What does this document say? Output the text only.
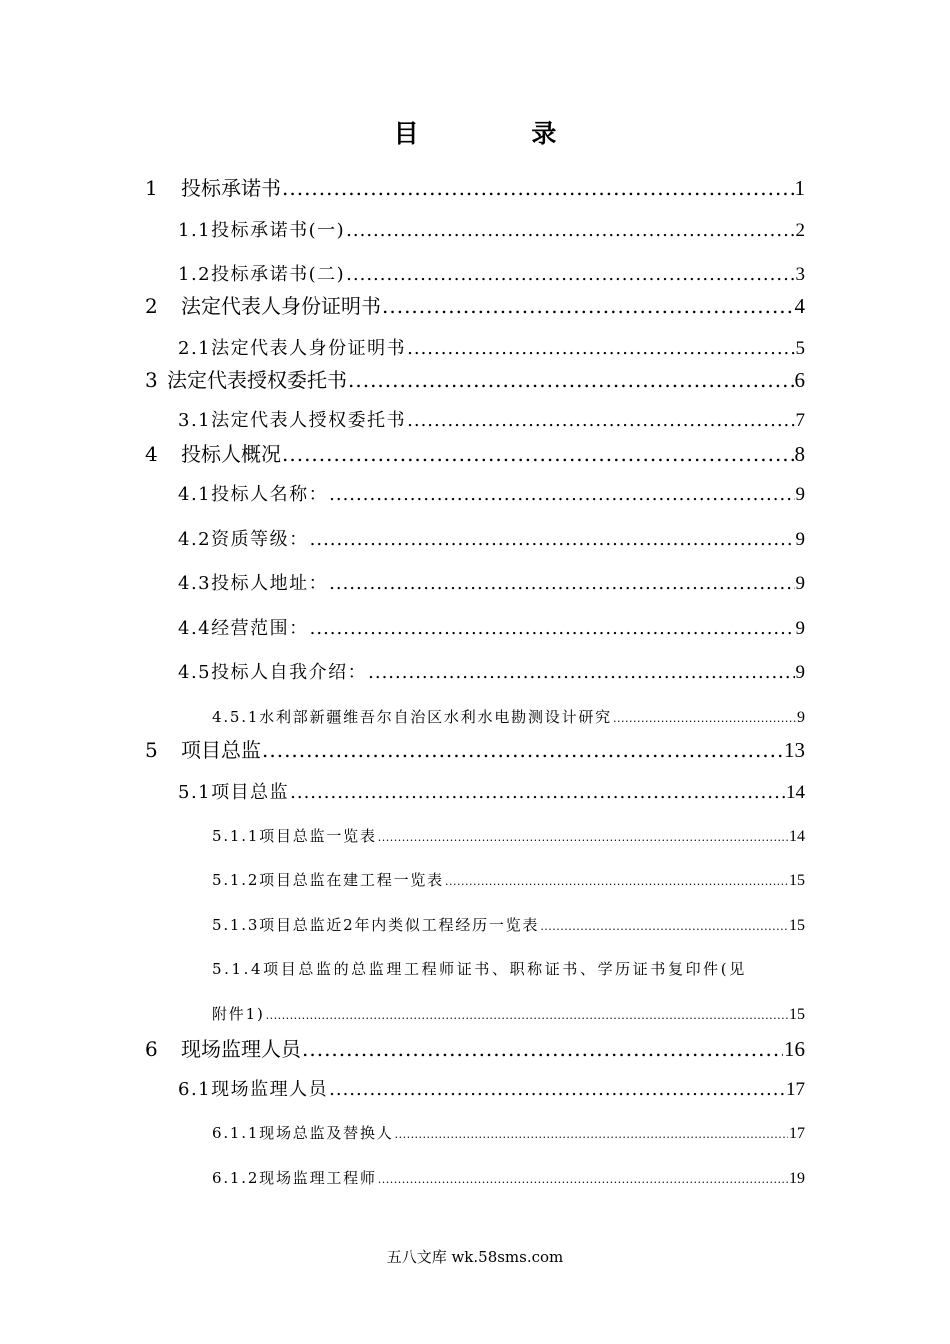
目 录
1 投标承诺书 .....	1
1.1投标承诺书(一) .....	2
1.2投标承诺书(二) .....	3
2 法定代表人身份证明书 .....	4
2.1法定代表人身份证明书 .....	5
3 法定代表授权委托书 .....	6
3.1法定代表人授权委托书 .....	7
4 投标人概况 .....	8
4.1投标人名称： .....	9
4.2资质等级： .....	9
4.3投标人地址： .....	9
4.4经营范围： .....	9
4.5投标人自我介绍： .....	9
4.5.1水利部新疆维吾尔自治区水利水电勘测设计研究 .....	9
5 项目总监 .....	13
5.1项目总监 .....	14
5.1.1项目总监一览表 .....	14
5.1.2项目总监在建工程一览表 .....	15
5.1.3项目总监近2年内类似工程经历一览表 .....	15
5.1.4项目总监的总监理工程师证书、职称证书、学历证书复印件(见
附件1) .....	15
6 现场监理人员 .....	16
6.1现场监理人员 .....	17
6.1.1现场总监及替换人 .....	17
6.1.2现场监理工程师 .....	19
五八文库 wk.58sms.com
